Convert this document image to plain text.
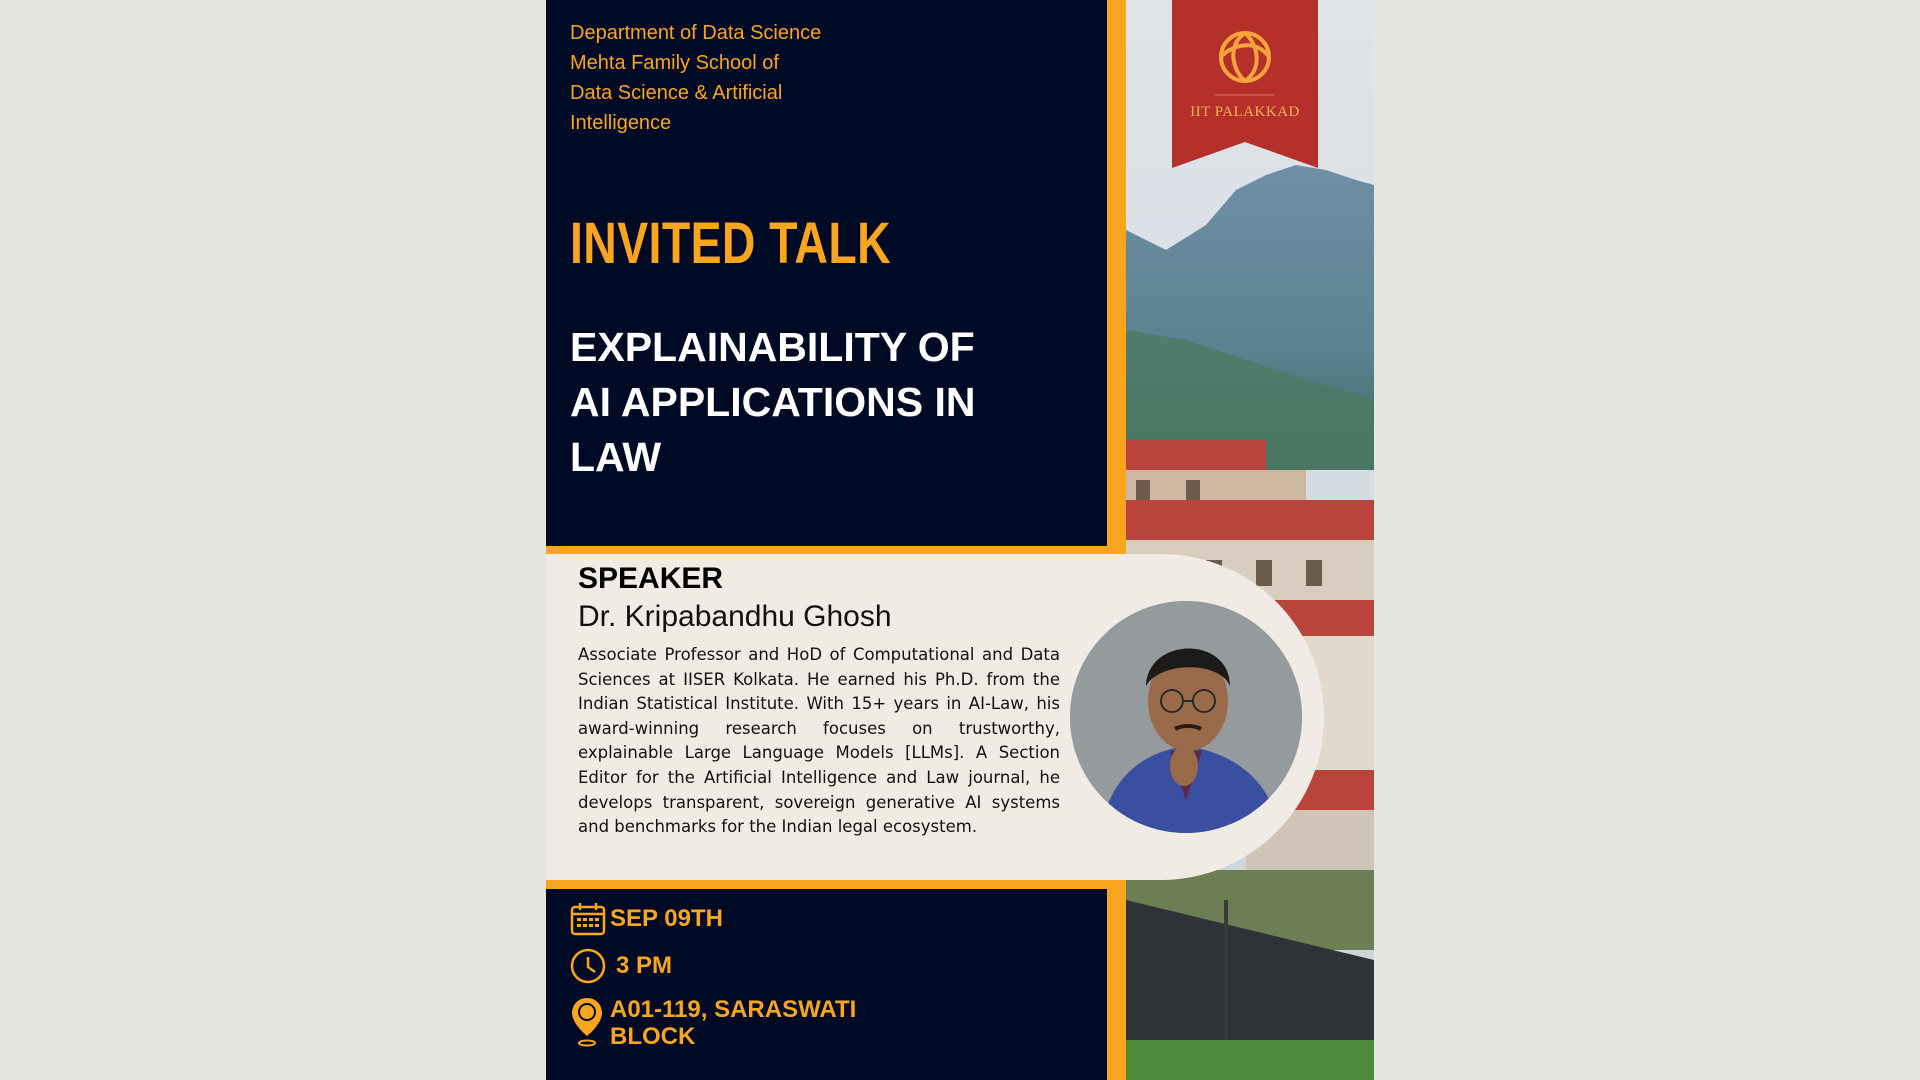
IIT PALAKKAD
Department of Data Science
Mehta Family School of
Data Science & Artificial
Intelligence
INVITED TALK
EXPLAINABILITY OF
AI APPLICATIONS IN
LAW
SPEAKER
Dr. Kripabandhu Ghosh
Associate Professor and HoD of Computational and Data Sciences at IISER Kolkata. He earned his Ph.D. from the Indian Statistical Institute. With 15+ years in AI-Law, his award-winning research focuses on trustworthy, explainable Large Language Models [LLMs]. A Section Editor for the Artificial Intelligence and Law journal, he develops transparent, sovereign generative AI systems and benchmarks for the Indian legal ecosystem.
SEP 09TH
3 PM
A01-119, SARASWATI
BLOCK
